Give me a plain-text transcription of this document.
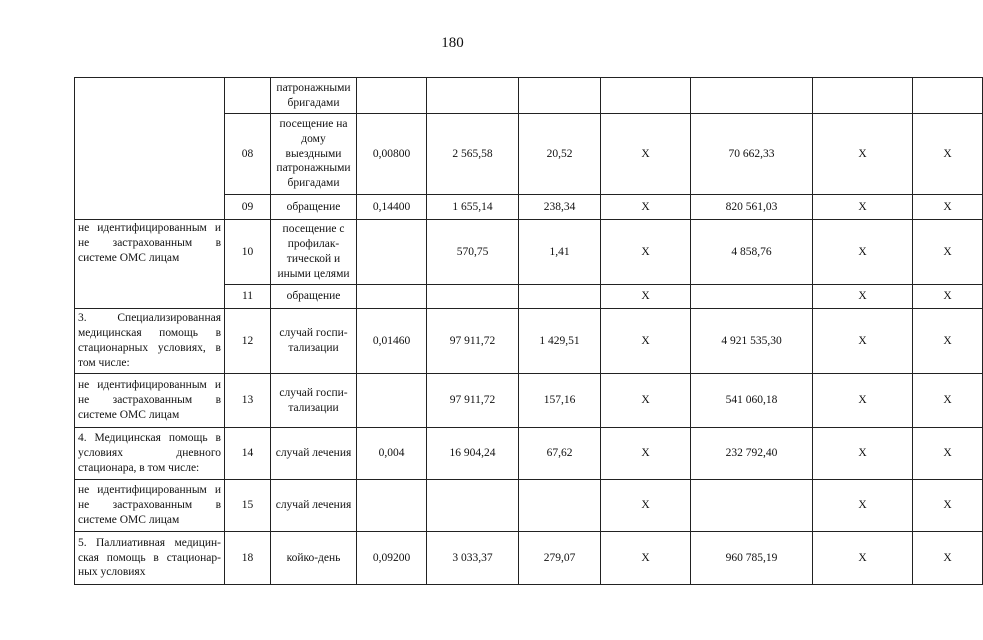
180
		патронажными бригадами							
	08	посещение на дому выездными патронажными бригадами	0,00800	2 565,58	20,52	Х	70 662,33	Х	Х
	09	обращение	0,14400	1 655,14	238,34	Х	820 561,03	Х	Х
не идентифицированным и не застрахованным в системе ОМС лицам	10	посещение с профилак-тической и иными целями		570,75	1,41	Х	4 858,76	Х	Х
	11	обращение				Х		Х	Х
3. Специализированная медицинская помощь в стационарных условиях, в том числе:	12	случай госпи-тализации	0,01460	97 911,72	1 429,51	Х	4 921 535,30	Х	Х
не идентифицированным и не застрахованным в системе ОМС лицам	13	случай госпи-тализации		97 911,72	157,16	Х	541 060,18	Х	Х
4. Медицинская помощь в условиях дневного стационара, в том числе:	14	случай лечения	0,004	16 904,24	67,62	Х	232 792,40	Х	Х
не идентифицированным и не застрахованным в системе ОМС лицам	15	случай лечения				Х		Х	Х
5. Паллиативная медицин-ская помощь в стационар-ных условиях	18	койко-день	0,09200	3 033,37	279,07	Х	960 785,19	Х	Х
